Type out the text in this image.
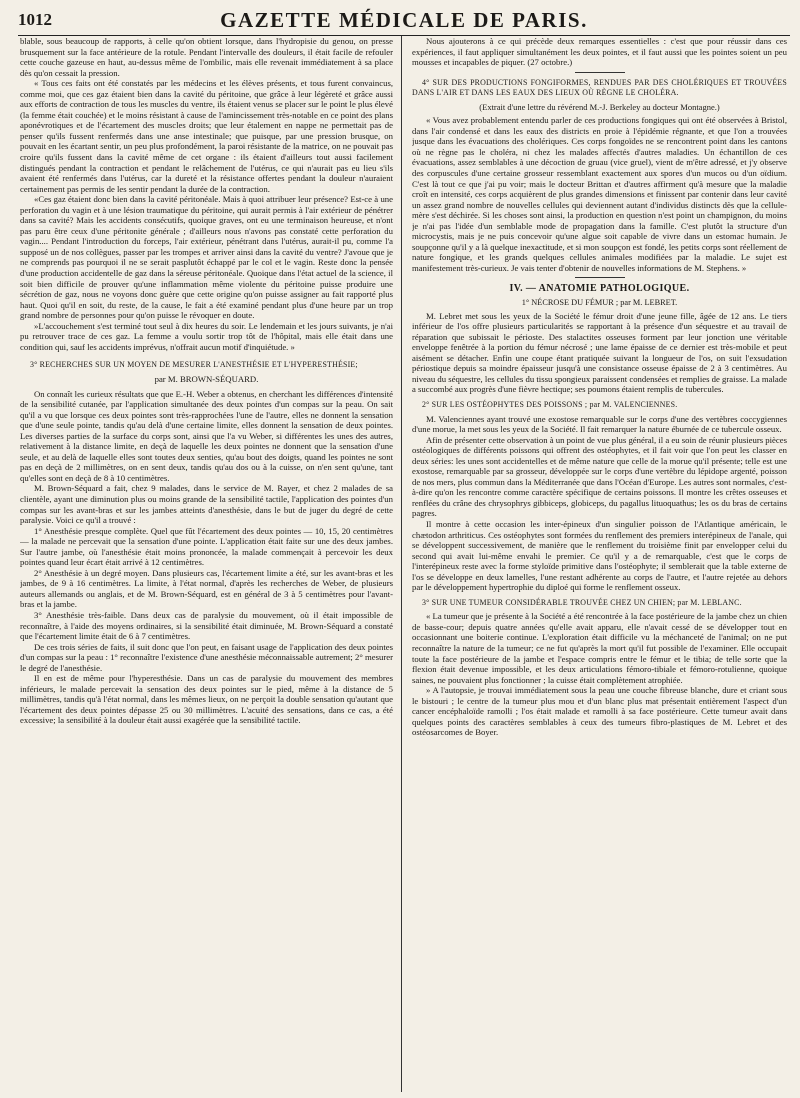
1012	GAZETTE MÉDICALE DE PARIS.

blable, sous beaucoup de rapports, à celle qu'on obtient lorsque, dans l'hydropisie du genou, on presse brusquement sur la face antérieure de la rotule. Pendant l'intervalle des douleurs, il était facile de refouler cette couche gazeuse en haut, au-dessus même de l'ombilic, mais elle revenait immédiatement à sa place dès qu'on cessait la pression.

« Tous ces faits ont été constatés par les médecins et les élèves présents, et tous furent convaincus, comme moi, que ces gaz étaient bien dans la cavité du péritoine, que grâce à leur légèreté et grâce aussi aux efforts de contraction de tous les muscles du ventre, ils étaient venus se placer sur le point le plus élevé (la femme était couchée) et le moins résistant à cause de l'amincissement très-notable en ce point des plans aponévrotiques et de l'écartement des muscles droits; que leur étalement en nappe ne permettait pas de penser qu'ils fussent renfermés dans une anse intestinale; que puisque, par une pression brusque, on pouvait en les écartant sentir, un peu plus profondément, la paroi résistante de la matrice, on ne pouvait pas croire qu'ils fussent dans la cavité même de cet organe : ils étaient d'ailleurs tout aussi facilement distingués pendant la contraction et pendant le relâchement de l'utérus, ce qui n'aurait pas eu lieu s'ils avaient été renfermés dans l'utérus, car la dureté et la résistance offertes pendant la douleur n'auraient certainement pas permis de les sentir pendant la durée de la contraction.

«Ces gaz étaient donc bien dans la cavité péritonéale. Mais à quoi attribuer leur présence? Est-ce à une perforation du vagin et à une lésion traumatique du péritoine, qui aurait permis à l'air extérieur de pénétrer dans sa cavité? Mais les accidents consécutifs, quoique graves, ont eu une terminaison heureuse, et n'ont pas paru être ceux d'une péritonite générale ; d'ailleurs nous n'avons pas constaté cette perforation du vagin.... Pendant l'introduction du forceps, l'air extérieur, pénétrant dans l'utérus, aurait-il pu, comme l'a supposé un de nos collègues, passer par les trompes et arriver ainsi dans la cavité du ventre? J'avoue que je ne comprends pas pourquoi il ne se serait pasplutôt échappé par le col et le vagin. Reste donc la pensée d'une production accidentelle de gaz dans la séreuse péritonéale. Quoique dans l'état actuel de la science, il soit bien difficile de prouver qu'une inflammation même violente du péritoine puisse produire une sécrétion de gaz, nous ne voyons donc guère que cette origine qu'on puisse assigner au fait rapporté plus haut. Quoi qu'il en soit, du reste, de la cause, le fait a été examiné pendant plus d'une heure par un trop grand nombre de personnes pour qu'on puisse le révoquer en doute.

»L'accouchement s'est terminé tout seul à dix heures du soir. Le lendemain et les jours suivants, je n'ai pu retrouver trace de ces gaz. La femme a voulu sortir trop tôt de l'hôpital, mais elle était dans une condition qui, sauf les accidents imprévus, n'offrait aucun motif d'inquiétude. »

3° RECHERCHES SUR UN MOYEN DE MESURER L'ANESTHÉSIE ET L'HYPERESTHÉSIE;

par M. BROWN-SÉQUARD.

On connaît les curieux résultats que que E.-H. Weber a obtenus, en cherchant les différences d'intensité de la sensibilité cutanée, par l'application simultanée des deux pointes d'un compas sur la peau. On sait qu'il a vu que lorsque ces deux pointes sont très-rapprochées l'une de l'autre, elles ne donnent la sensation que d'une seule pointe, tandis qu'au delà d'une certaine limite, elles donnent la sensation de deux pointes. Les diverses parties de la surface du corps sont, ainsi que l'a vu Weber, si différentes les unes des autres, relativement à la distance limite, en deçà de laquelle les deux pointes ne donnent que la sensation d'une seule, et au delà de laquelle elles sont toutes deux senties, qu'au bout des doigts, quand les pointes ne sont pas en deçà de 2 millimètres, on en sent deux, tandis qu'au dos ou à la cuisse, on n'en sent qu'une, tant qu'elles sont en deçà de 8 à 10 centimètres.

M. Brown-Séquard a fait, chez 9 malades, dans le service de M. Rayer, et chez 2 malades de sa clientèle, ayant une diminution plus ou moins grande de la sensibilité tactile, l'application des pointes d'un compas sur les avant-bras et sur les jambes atteints d'anesthésie, dans le but de juger du degré de cette paralysie. Voici ce qu'il a trouvé :

1° Anesthésie presque complète. Quel que fût l'écartement des deux pointes — 10, 15, 20 centimètres — la malade ne percevait que la sensation d'une pointe. L'application était faite sur une des deux jambes. Sur l'autre jambe, où l'anesthésie était moins prononcée, la malade commençait à percevoir les deux pointes quand leur écart était arrivé à 12 centimètres.

2° Anesthésie à un degré moyen. Dans plusieurs cas, l'écartement limite a été, sur les avant-bras et les jambes, de 9 à 16 centimètres. La limite, à l'état normal, d'après les recherches de Weber, de plusieurs auteurs allemands ou anglais, et de M. Brown-Séquard, est en général de 3 à 5 centimètres pour l'avant-bras et la jambe.

3° Anesthésie très-faible. Dans deux cas de paralysie du mouvement, où il était impossible de reconnaître, à l'aide des moyens ordinaires, si la sensibilité était diminuée, M. Brown-Séquard a constaté que l'écartement limite était de 6 à 7 centimètres.

De ces trois séries de faits, il suit donc que l'on peut, en faisant usage de l'application des deux pointes d'un compas sur la peau : 1° reconnaître l'existence d'une anesthésie méconnaissable autrement; 2° mesurer le degré de l'anesthésie.

Il en est de même pour l'hyperesthésie. Dans un cas de paralysie du mouvement des membres inférieurs, le malade percevait la sensation des deux pointes sur le pied, même à la distance de 5 millimètres, tandis qu'à l'état normal, dans les mêmes lieux, on ne perçoit la double sensation qu'autant que l'écartement des deux pointes dépasse 25 ou 30 millimètres. L'acuité des sensations, dans ce cas, a été excessive; la sensibilité à la douleur était aussi exagérée que la sensibilité tactile.

Nous ajouterons à ce qui précède deux remarques essentielles : c'est que pour réussir dans ces expériences, il faut appliquer simultanément les deux pointes, et il faut aussi que les pointes soient un peu mousses et incapables de piquer. (27 octobre.)

4° SUR DES PRODUCTIONS FONGIFORMES, RENDUES PAR DES CHOLÉRIQUES ET TROUVÉES DANS L'AIR ET DANS LES EAUX DES LIEUX OÙ RÈGNE LE CHOLÉRA.

(Extrait d'une lettre du révérend M.-J. Berkeley au docteur Montagne.)

« Vous avez probablement entendu parler de ces productions fongiques qui ont été observées à Bristol, dans l'air condensé et dans les eaux des districts en proie à l'épidémie régnante, et que l'on a trouvées jusque dans les évacuations des cholériques. Ces corps fongoïdes ne se rencontrent point dans les cantons où ne règne pas le choléra, ni chez les malades affectés d'autres maladies. Un échantillon de ces évacuations, assez semblables à une décoction de gruau (vice gruel), vient de m'être adressé, et j'y observe des corpuscules d'une certaine grosseur ressemblant exactement aux spores d'un mucos ou d'un oïdium. C'est là tout ce que j'ai pu voir; mais le docteur Brittan et d'autres affirment qu'à mesure que la maladie croît en intensité, ces corps acquièrent de plus grandes dimensions et finissent par contenir dans leur cavité un assez grand nombre de nouvelles cellules qui deviennent autant d'individus distincts dès que la cellule-mère s'est déchirée. Si les choses sont ainsi, la production en question n'est point un champignon, du moins je n'ai pas l'idée d'un semblable mode de propagation dans la famille. C'est plutôt la structure d'un microcystis, mais je ne puis concevoir qu'une algue soit capable de vivre dans un estomac humain. Je soupçonne qu'il y a là quelque inexactitude, et si mon soupçon est fondé, les petits corps sont réellement de nature fongique, et les grands quelques cellules animales modifiées par la maladie. Le sujet est manifestement très-curieux. Je vais tenter d'obtenir de nouvelles informations de M. Stephens. »

IV. — ANATOMIE PATHOLOGIQUE.

1° NÉCROSE DU FÉMUR ; par M. LEBRET.

M. Lebret met sous les yeux de la Société le fémur droit d'une jeune fille, âgée de 12 ans. Le tiers inférieur de l'os offre plusieurs particularités se rapportant à la présence d'un séquestre et au travail de réparation que subissait le périoste. Des stalactites osseuses forment par leur jonction une véritable enveloppe fenêtrée à la portion du fémur nécrosé ; une lame épaisse de ce dernier est très-mobile et peut aisément se détacher. Enfin une coupe étant pratiquée suivant la longueur de l'os, on suit l'exsudation périostique depuis sa moindre épaisseur jusqu'à une consistance osseuse épaisse de 2 à 3 centimètres. Au niveau du séquestre, les cellules du tissu spongieux paraissent condensées et remplies de graisse. La malade a succombé aux progrès d'une fièvre hectique; ses poumons étaient remplis de tubercules.

2° SUR LES OSTÉOPHYTES DES POISSONS ; par M. VALENCIENNES.

M. Valenciennes ayant trouvé une exostose remarquable sur le corps d'une des vertèbres coccygiennes d'une morue, la met sous les yeux de la Société. Il fait remarquer la nature éburnée de ce tubercule osseux.

Afin de présenter cette observation à un point de vue plus général, il a eu soin de réunir plusieurs pièces ostéologiques de différents poissons qui offrent des ostéophytes, et il fait voir que l'on peut les classer en deux séries: les unes sont accidentelles et de même nature que celle de la morue qu'il présente; telle est une exostose, remarquable par sa grosseur, développée sur le corps d'une vertèbre du lépidope argenté, poisson de nos mers, plus commun dans la Méditerranée que dans l'Océan d'Europe. Les autres sont normales, c'est-à-dire qu'on les rencontre comme caractère spécifique de certains poissons. Il montre les crêtes osseuses et renflées du crâne des chrysophrys gibbiceps, globiceps, du pagallus lituoquathus; les os du bras de certains pagres.

Il montre à cette occasion les inter-épineux d'un singulier poisson de l'Atlantique américain, le chætodon arthriticus. Ces ostéophytes sont formées du renflement des premiers interépineux de l'anale, qui se développent successivement, de manière que le renflement du troisième finit par envelopper celui du second qui avait lui-même envahi le premier. Ce qu'il y a de remarquable, c'est que le corps de l'interépineux reste avec la forme styloïde primitive dans l'ostéophyte; il semblerait que la table externe de l'os se développe en deux lamelles, l'une restant adhérente au corps de l'autre, et l'autre rejetée au dehors par le développement hypertrophie du diploé qui forme le renflement osseux.

3° SUR UNE TUMEUR CONSIDÉRABLE TROUVÉE CHEZ UN CHIEN; par M. LEBLANC.

« La tumeur que je présente à la Société a été rencontrée à la face postérieure de la jambe chez un chien de basse-cour; depuis quatre années qu'elle avait apparu, elle n'avait cessé de se développer tout en occasionnant une boiterie continue. L'exploration était difficile vu la méchanceté de l'animal; on ne put reconnaître la nature de la tumeur; ce ne fut qu'après la mort qu'il fut possible de l'examiner. Elle occupait toute la face postérieure de la jambe et l'espace compris entre le fémur et le tibia; de telle sorte que la flexion était devenue impossible, et les deux articulations fémoro-tibiale et fémoro-rotulienne, quoique saines, ne pouvaient plus fonctionner ; la cuisse était complètement atrophiée.

» A l'autopsie, je trouvai immédiatement sous la peau une couche fibreuse blanche, dure et criant sous le bistouri ; le centre de la tumeur plus mou et d'un blanc plus mat présentait entièrement l'aspect d'un cancer encéphaloïde ramolli ; l'os était malade et ramolli à sa face postérieure. Cette tumeur avait dans quelques points des caractères semblables à ceux des tumeurs fibro-plastiques de M. Lebret et des ostéosarcomes de Boyer.
